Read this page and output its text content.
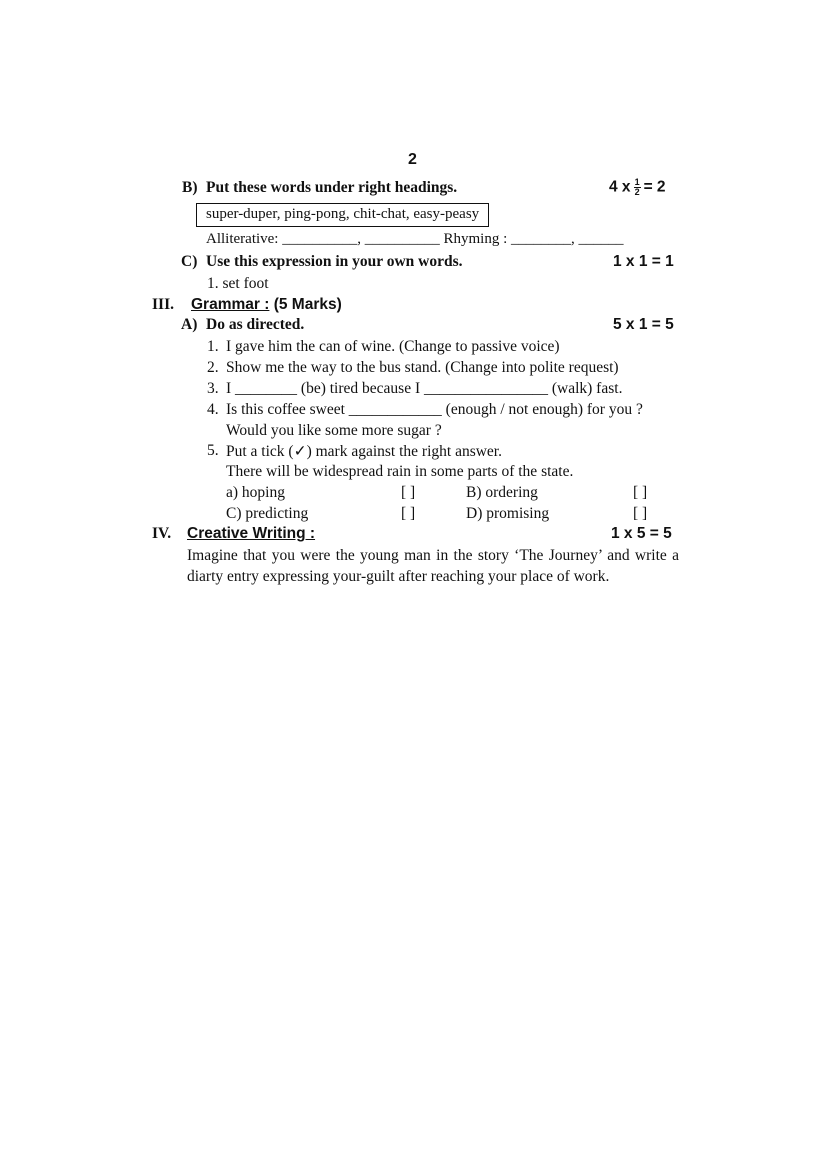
2
B) Put these words under right headings.	4 x $\frac{1}{2} = 2$
super-duper, ping-pong, chit-chat, easy-peasy
Alliterative: __________, __________ Rhyming : ________, ______
C) Use this expression in your own words.	1 x 1 = 1
1. set foot
III. Grammar : (5 Marks)
A) Do as directed.	5 x 1 = 5
1. I gave him the can of wine. (Change to passive voice)
2. Show me the way to the bus stand. (Change into polite request)
3. I ________ (be) tired because I ________________ (walk) fast.
4. Is this coffee sweet ____________ (enough / not enough) for you ?
Would you like some more sugar ?
5. Put a tick (✓) mark against the right answer.
There will be widespread rain in some parts of the state.
a) hoping	[ ]	B) ordering	[ ]
C) predicting	[ ]	D) promising	[ ]
IV. Creative Writing :	1 x 5 = 5
Imagine that you were the young man in the story ‘The Journey’ and write a diarty entry expressing your-guilt after reaching your place of work.
